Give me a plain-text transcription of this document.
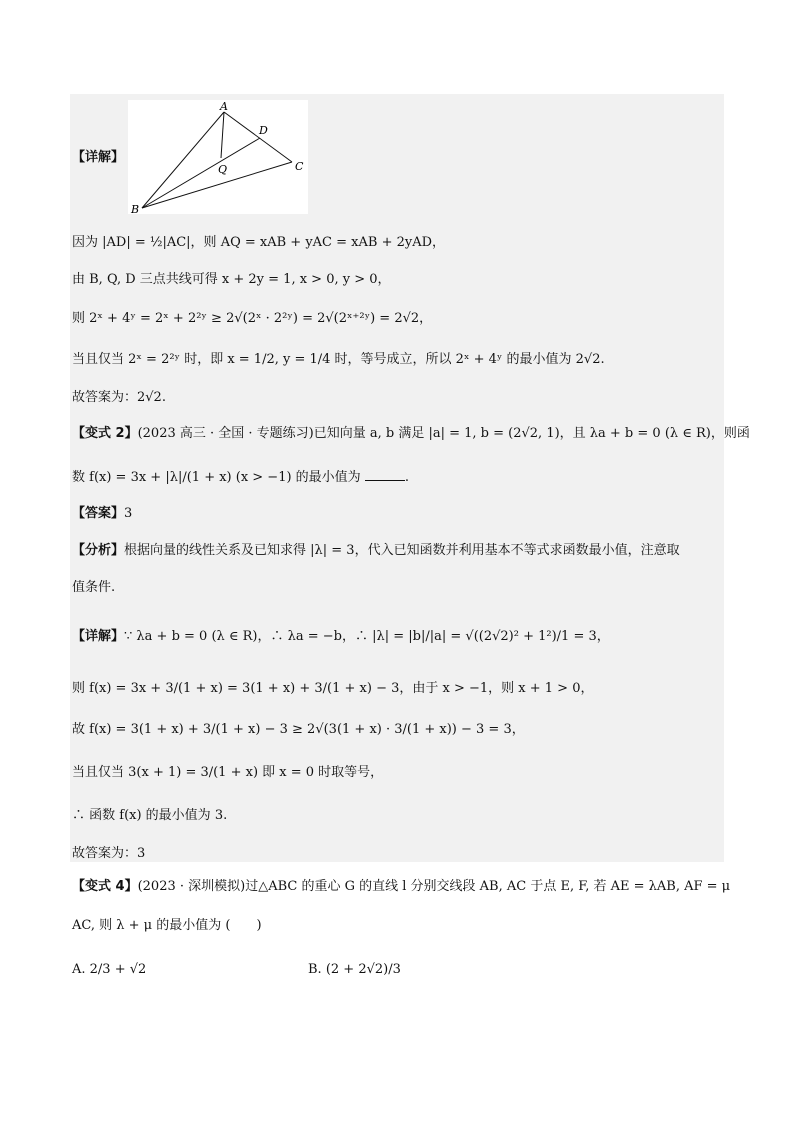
【详解】
A
B
C
D
Q
因为 |AD| = ½|AC|，则 AQ = xAB + yAC = xAB + 2yAD，
由 B, Q, D 三点共线可得 x + 2y = 1, x > 0, y > 0，
则 2ˣ + 4ʸ = 2ˣ + 2²ʸ ≥ 2√(2ˣ · 2²ʸ) = 2√(2ˣ⁺²ʸ) = 2√2，
当且仅当 2ˣ = 2²ʸ 时，即 x = 1/2, y = 1/4 时，等号成立，所以 2ˣ + 4ʸ 的最小值为 2√2.
故答案为：2√2.
【变式 2】(2023 高三 · 全国 · 专题练习)已知向量 a, b 满足 |a| = 1, b = (2√2, 1)，且 λa + b = 0 (λ ∈ R)，则函
数 f(x) = 3x + |λ|/(1 + x) (x > −1) 的最小值为	.
【答案】3
【分析】根据向量的线性关系及已知求得 |λ| = 3，代入已知函数并利用基本不等式求函数最小值，注意取
值条件.
【详解】∵ λa + b = 0 (λ ∈ R)，∴ λa = −b，∴ |λ| = |b|/|a| = √((2√2)² + 1²)/1 = 3，
则 f(x) = 3x + 3/(1 + x) = 3(1 + x) + 3/(1 + x) − 3，由于 x > −1，则 x + 1 > 0，
故 f(x) = 3(1 + x) + 3/(1 + x) − 3 ≥ 2√(3(1 + x) · 3/(1 + x)) − 3 = 3，
当且仅当 3(x + 1) = 3/(1 + x) 即 x = 0 时取等号，
∴ 函数 f(x) 的最小值为 3.
故答案为：3
【变式 4】(2023 · 深圳模拟)过△ABC 的重心 G 的直线 l 分别交线段 AB, AC 于点 E, F, 若 AE = λAB, AF = μ
AC, 则 λ + μ 的最小值为 (　　)
A. 2/3 + √2	B. (2 + 2√2)/3
